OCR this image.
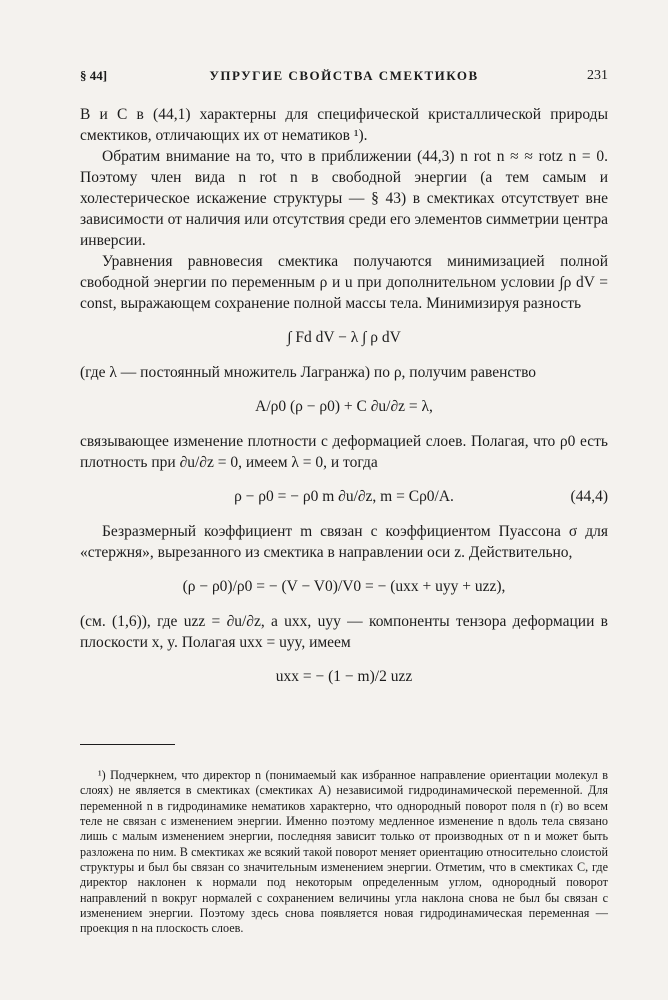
§ 44]	УПРУГИЕ СВОЙСТВА СМЕКТИКОВ	231

B и C в (44,1) характерны для специфической кристаллической природы смектиков, отличающих их от нематиков ¹).

Обратим внимание на то, что в приближении (44,3) n rot n ≈ ≈ rotz n = 0. Поэтому член вида n rot n в свободной энергии (а тем самым и холестерическое искажение структуры — § 43) в смектиках отсутствует вне зависимости от наличия или отсутствия среди его элементов симметрии центра инверсии.

Уравнения равновесия смектика получаются минимизацией полной свободной энергии по переменным ρ и u при дополнительном условии ∫ρ dV = const, выражающем сохранение полной массы тела. Минимизируя разность

∫ Fd dV − λ ∫ ρ dV

(где λ — постоянный множитель Лагранжа) по ρ, получим равенство

A/ρ0 (ρ − ρ0) + C ∂u/∂z = λ,

связывающее изменение плотности с деформацией слоев. Полагая, что ρ0 есть плотность при ∂u/∂z = 0, имеем λ = 0, и тогда

ρ − ρ0 = − ρ0 m ∂u/∂z, m = Cρ0/A.	(44,4)

Безразмерный коэффициент m связан с коэффициентом Пуассона σ для «стержня», вырезанного из смектика в направлении оси z. Действительно,

(ρ − ρ0)/ρ0 = − (V − V0)/V0 = − (uxx + uyy + uzz),

(см. (1,6)), где uzz = ∂u/∂z, а uxx, uyy — компоненты тензора деформации в плоскости x, y. Полагая uxx = uyy, имеем

uxx = − (1 − m)/2 uzz

¹) Подчеркнем, что директор n (понимаемый как избранное направление ориентации молекул в слоях) не является в смектиках (смектиках A) независимой гидродинамической переменной. Для переменной n в гидродинамике нематиков характерно, что однородный поворот поля n (r) во всем теле не связан с изменением энергии. Именно поэтому медленное изменение n вдоль тела связано лишь с малым изменением энергии, последняя зависит только от производных от n и может быть разложена по ним. В смектиках же всякий такой поворот меняет ориентацию относительно слоистой структуры и был бы связан со значительным изменением энергии. Отметим, что в смектиках C, где директор наклонен к нормали под некоторым определенным углом, однородный поворот направлений n вокруг нормалей с сохранением величины угла наклона снова не был бы связан с изменением энергии. Поэтому здесь снова появляется новая гидродинамическая переменная — проекция n на плоскость слоев.
